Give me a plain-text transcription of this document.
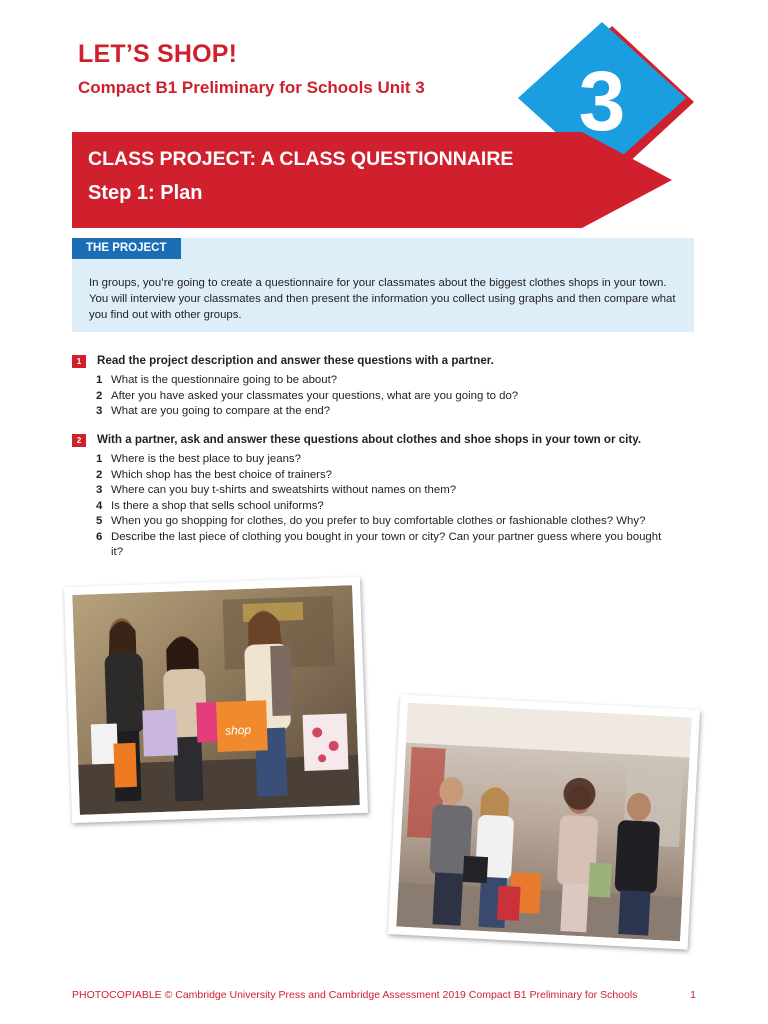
LET’S SHOP!
Compact B1 Preliminary for Schools Unit 3 3
CLASS PROJECT: A CLASS QUESTIONNAIRE
Step 1: Plan
THE PROJECT

In groups, you’re going to create a questionnaire for your classmates about the biggest clothes shops in your town. You will interview your classmates and then present the information you collect using graphs and then compare what you find out with other groups.

1	Read the project description and answer these questions with a partner.

1 What is the questionnaire going to be about?
2 After you have asked your classmates your questions, what are you going to do?
3 What are you going to compare at the end?
2	With a partner, ask and answer these questions about clothes and shoe shops in your town or city.

1 Where is the best place to buy jeans?
2 Which shop has the best choice of trainers?
3 Where can you buy t-shirts and sweatshirts without names on them?
4 Is there a shop that sells school uniforms?
5 When you go shopping for clothes, do you prefer to buy comfortable clothes or fashionable clothes? Why?
6 Describe the last piece of clothing you bought in your town or city? Can your partner guess where you bought it?
shop

PHOTOCOPIABLE © Cambridge University Press and Cambridge Assessment 2019 Compact B1 Preliminary for Schools	1
